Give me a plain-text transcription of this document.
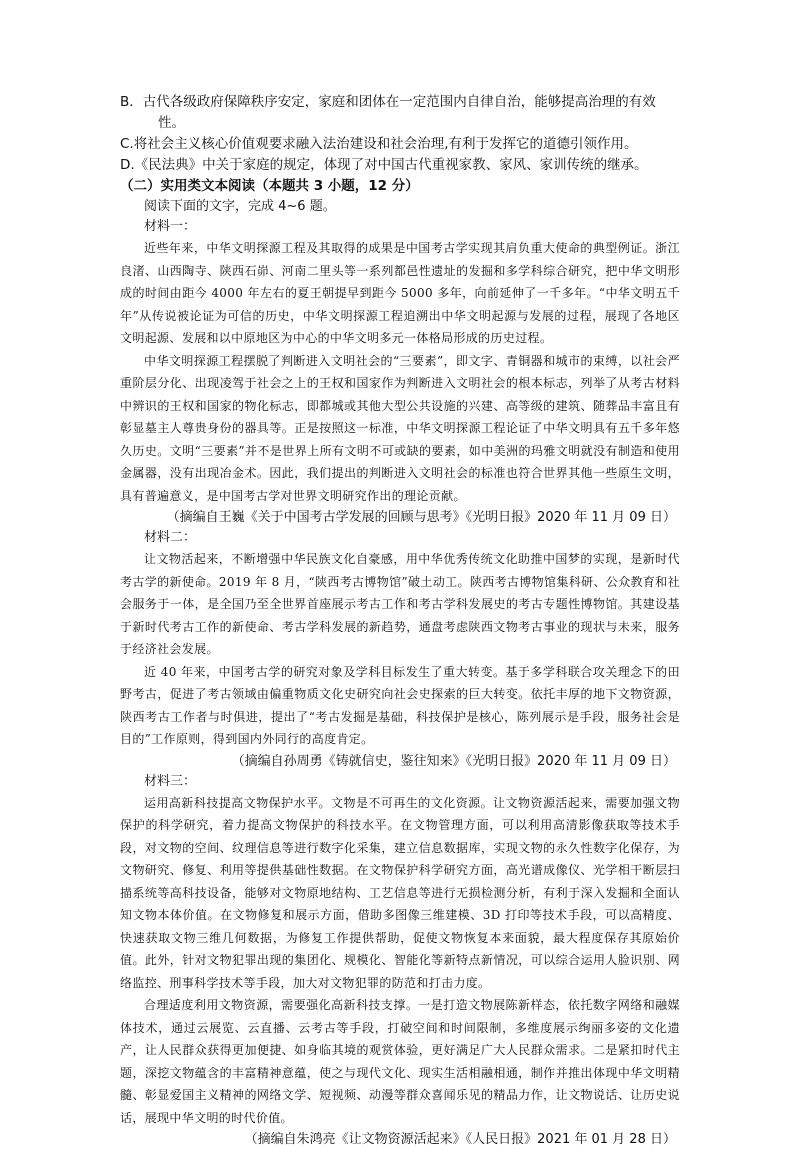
B．古代各级政府保障秩序安定，家庭和团体在一定范围内自律自治，能够提高治理的有效性。

C.将社会主义核心价值观要求融入法治建设和社会治理,有利于发挥它的道德引领作用。

D.《民法典》中关于家庭的规定，体现了对中国古代重视家教、家风、家训传统的继承。

（二）实用类文本阅读（本题共 3 小题，12 分）

阅读下面的文字，完成 4~6 题。

材料一：

近些年来，中华文明探源工程及其取得的成果是中国考古学实现其肩负重大使命的典型例证。浙江良渚、山西陶寺、陕西石峁、河南二里头等一系列都邑性遗址的发掘和多学科综合研究，把中华文明形成的时间由距今 4000 年左右的夏王朝提早到距今 5000 多年，向前延伸了一千多年。“中华文明五千年”从传说被论证为可信的历史，中华文明探源工程追溯出中华文明起源与发展的过程，展现了各地区文明起源、发展和以中原地区为中心的中华文明多元一体格局形成的历史过程。

中华文明探源工程摆脱了判断进入文明社会的“三要素”，即文字、青铜器和城市的束缚，以社会严重阶层分化、出现凌驾于社会之上的王权和国家作为判断进入文明社会的根本标志，列举了从考古材料中辨识的王权和国家的物化标志，即都城或其他大型公共设施的兴建、高等级的建筑、随葬品丰富且有彰显墓主人尊贵身份的器具等。正是按照这一标准，中华文明探源工程论证了中华文明具有五千多年悠久历史。文明“三要素”并不是世界上所有文明不可或缺的要素，如中美洲的玛雅文明就没有制造和使用金属器，没有出现冶金术。因此，我们提出的判断进入文明社会的标准也符合世界其他一些原生文明，具有普遍意义，是中国考古学对世界文明研究作出的理论贡献。

（摘编自王巍《关于中国考古学发展的回顾与思考》《光明日报》2020 年 11 月 09 日）

材料二：

让文物活起来，不断增强中华民族文化自豪感，用中华优秀传统文化助推中国梦的实现，是新时代考古学的新使命。2019 年 8 月，“陕西考古博物馆”破土动工。陕西考古博物馆集科研、公众教育和社会服务于一体，是全国乃至全世界首座展示考古工作和考古学科发展史的考古专题性博物馆。其建设基于新时代考古工作的新使命、考古学科发展的新趋势，通盘考虑陕西文物考古事业的现状与未来，服务于经济社会发展。

近 40 年来，中国考古学的研究对象及学科目标发生了重大转变。基于多学科联合攻关理念下的田野考古，促进了考古领域由偏重物质文化史研究向社会史探索的巨大转变。依托丰厚的地下文物资源，陕西考古工作者与时俱进，提出了“考古发掘是基础，科技保护是核心，陈列展示是手段，服务社会是目的”工作原则，得到国内外同行的高度肯定。

（摘编自孙周勇《铸就信史，鉴往知来》《光明日报》2020 年 11 月 09 日）

材料三：

运用高新科技提高文物保护水平。文物是不可再生的文化资源。让文物资源活起来，需要加强文物保护的科学研究，着力提高文物保护的科技水平。在文物管理方面，可以利用高清影像获取等技术手段，对文物的空间、纹理信息等进行数字化采集，建立信息数据库，实现文物的永久性数字化保存，为文物研究、修复、利用等提供基础性数据。在文物保护科学研究方面，高光谱成像仪、光学相干断层扫描系统等高科技设备，能够对文物原地结构、工艺信息等进行无损检测分析，有利于深入发掘和全面认知文物本体价值。在文物修复和展示方面，借助多图像三维建模、3D 打印等技术手段，可以高精度、快速获取文物三维几何数据，为修复工作提供帮助，促使文物恢复本来面貌，最大程度保存其原始价值。此外，针对文物犯罪出现的集团化、规模化、智能化等新特点新情况，可以综合运用人脸识别、网络监控、刑事科学技术等手段，加大对文物犯罪的防范和打击力度。

合理适度利用文物资源，需要强化高新科技支撑。一是打造文物展陈新样态，依托数字网络和融媒体技术，通过云展览、云直播、云考古等手段，打破空间和时间限制，多维度展示绚丽多姿的文化遗产，让人民群众获得更加便捷、如身临其境的观赏体验，更好满足广大人民群众需求。二是紧扣时代主题，深挖文物蕴含的丰富精神意蕴，使之与现代文化、现实生活相融相通，制作并推出体现中华文明精髓、彰显爱国主义精神的网络文学、短视频、动漫等群众喜闻乐见的精品力作，让文物说话、让历史说话，展现中华文明的时代价值。

（摘编自朱鸿亮《让文物资源活起来》《人民日报》2021 年 01 月 28 日）
